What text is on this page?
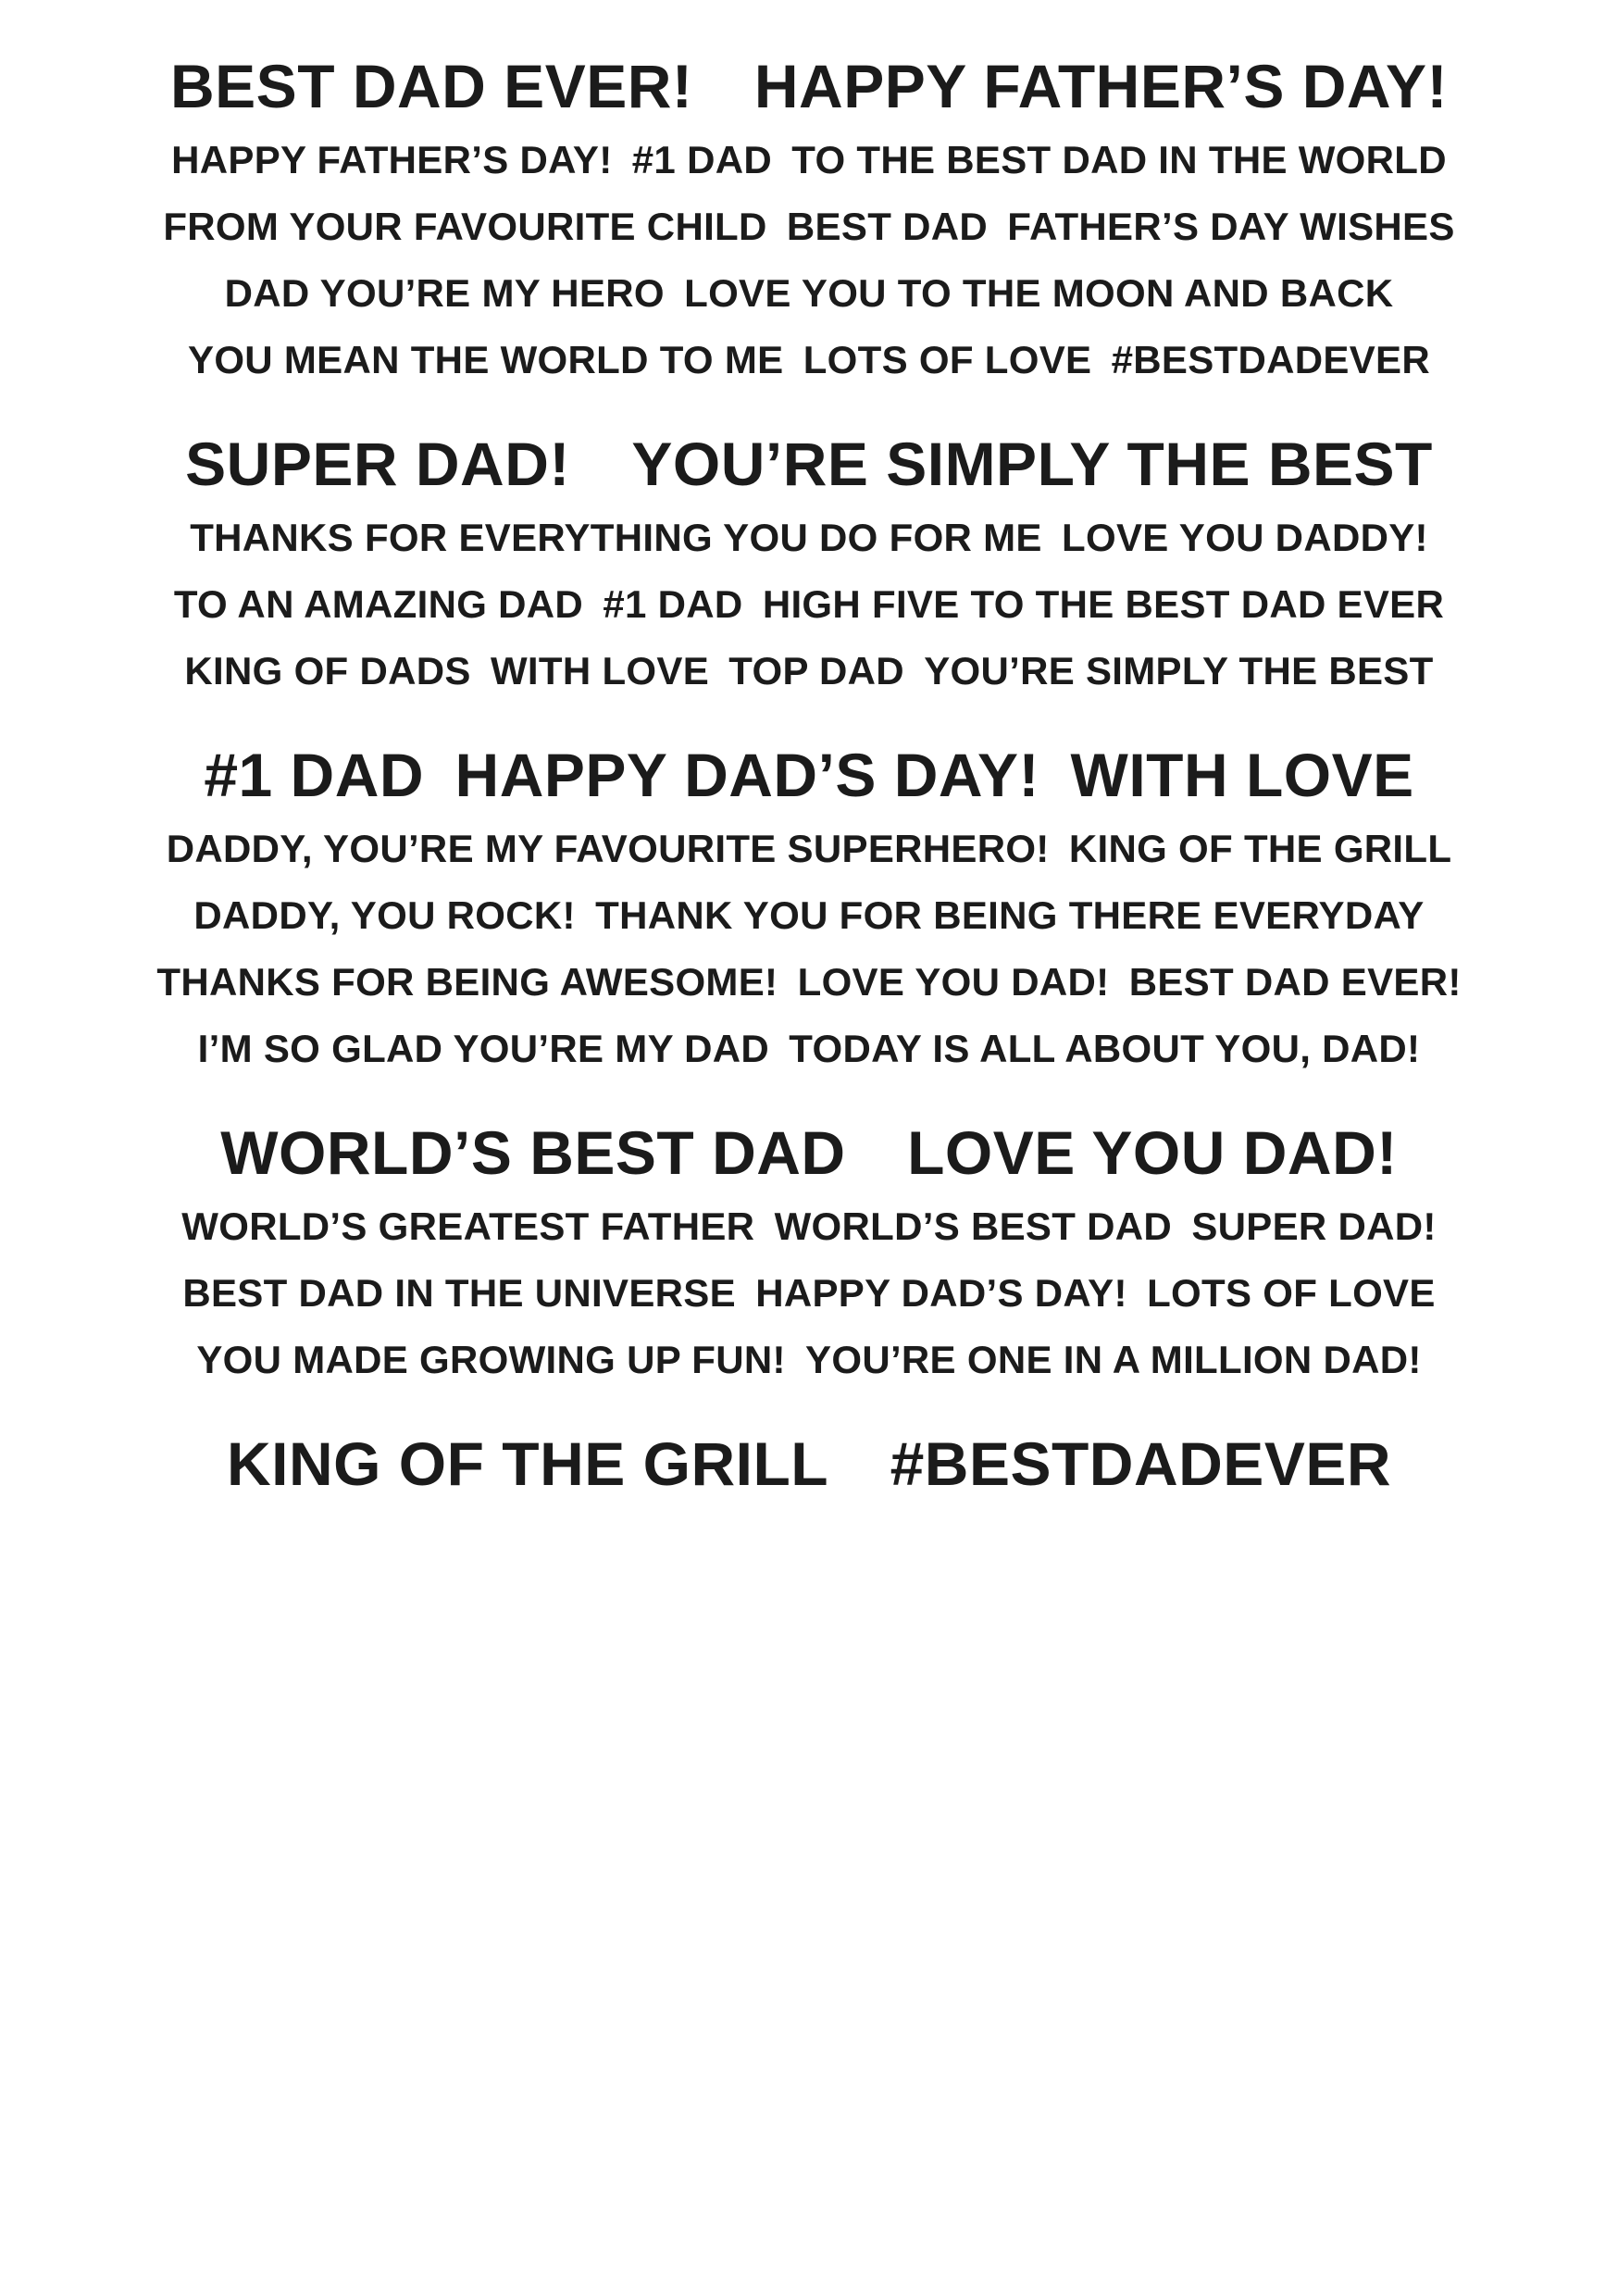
BEST DAD EVER! HAPPY FATHER’S DAY!
HAPPY FATHER’S DAY! #1 DAD TO THE BEST DAD IN THE WORLD
FROM YOUR FAVOURITE CHILD BEST DAD FATHER’S DAY WISHES
DAD YOU’RE MY HERO LOVE YOU TO THE MOON AND BACK
YOU MEAN THE WORLD TO ME LOTS OF LOVE #BESTDADEVER
SUPER DAD! YOU’RE SIMPLY THE BEST
THANKS FOR EVERYTHING YOU DO FOR ME LOVE YOU DADDY!
TO AN AMAZING DAD #1 DAD HIGH FIVE TO THE BEST DAD EVER
KING OF DADS WITH LOVE TOP DAD YOU’RE SIMPLY THE BEST
#1 DAD HAPPY DAD’S DAY! WITH LOVE
DADDY, YOU’RE MY FAVOURITE SUPERHERO! KING OF THE GRILL
DADDY, YOU ROCK! THANK YOU FOR BEING THERE EVERYDAY
THANKS FOR BEING AWESOME! LOVE YOU DAD! BEST DAD EVER!
I’M SO GLAD YOU’RE MY DAD TODAY IS ALL ABOUT YOU, DAD!
WORLD’S BEST DAD LOVE YOU DAD!
WORLD’S GREATEST FATHER WORLD’S BEST DAD SUPER DAD!
BEST DAD IN THE UNIVERSE HAPPY DAD’S DAY! LOTS OF LOVE
YOU MADE GROWING UP FUN! YOU’RE ONE IN A MILLION DAD!
KING OF THE GRILL #BESTDADEVER
